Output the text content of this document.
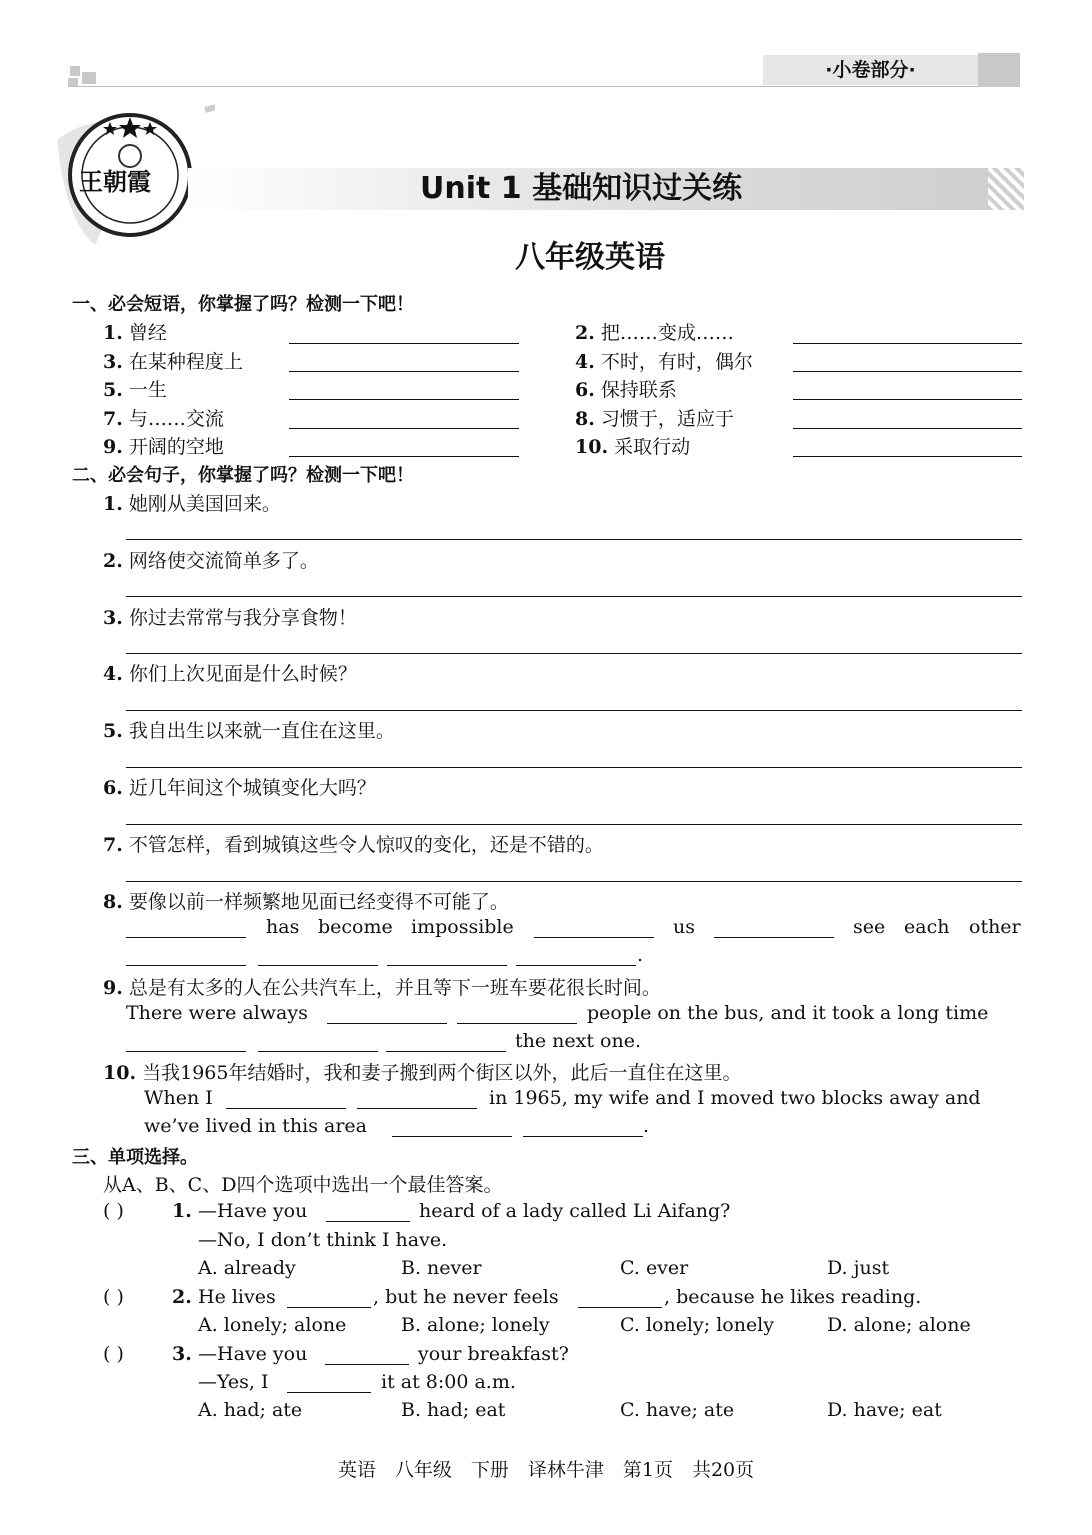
·小卷部分·
王朝霞	Unit 1 基础知识过关练
八年级英语
一、必会短语，你掌握了吗？检测一下吧！
1. 曾经	2. 把……变成……
3. 在某种程度上	4. 不时，有时，偶尔
5. 一生	6. 保持联系
7. 与……交流	8. 习惯于，适应于
9. 开阔的空地	10. 采取行动
二、必会句子，你掌握了吗？检测一下吧！
1. 她刚从美国回来。
2. 网络使交流简单多了。
3. 你过去常常与我分享食物！
4. 你们上次见面是什么时候？
5. 我自出生以来就一直住在这里。
6. 近几年间这个城镇变化大吗？
7. 不管怎样，看到城镇这些令人惊叹的变化，还是不错的。
8. 要像以前一样频繁地见面已经变得不可能了。
has become impossible	us	see each other
.
9. 总是有太多的人在公共汽车上，并且等下一班车要花很长时间。
There were always	people on the bus, and it took a long time
the next one.
10. 当我1965年结婚时，我和妻子搬到两个街区以外，此后一直住在这里。
When I	in 1965, my wife and I moved two blocks away and
we’ve lived in this area	.
三、单项选择。
从A、B、C、D四个选项中选出一个最佳答案。
( )	1. —Have you	heard of a lady called Li Aifang?
—No, I don’t think I have.
A. already	B. never	C. ever	D. just
( )	2. He lives	, but he never feels	, because he likes reading.
A. lonely; alone	B. alone; lonely	C. lonely; lonely	D. alone; alone
( )	3. —Have you	your breakfast?
—Yes, I	it at 8:00 a.m.
A. had; ate	B. had; eat	C. have; ate	D. have; eat
英语　八年级　下册　译林牛津　第1页　共20页
